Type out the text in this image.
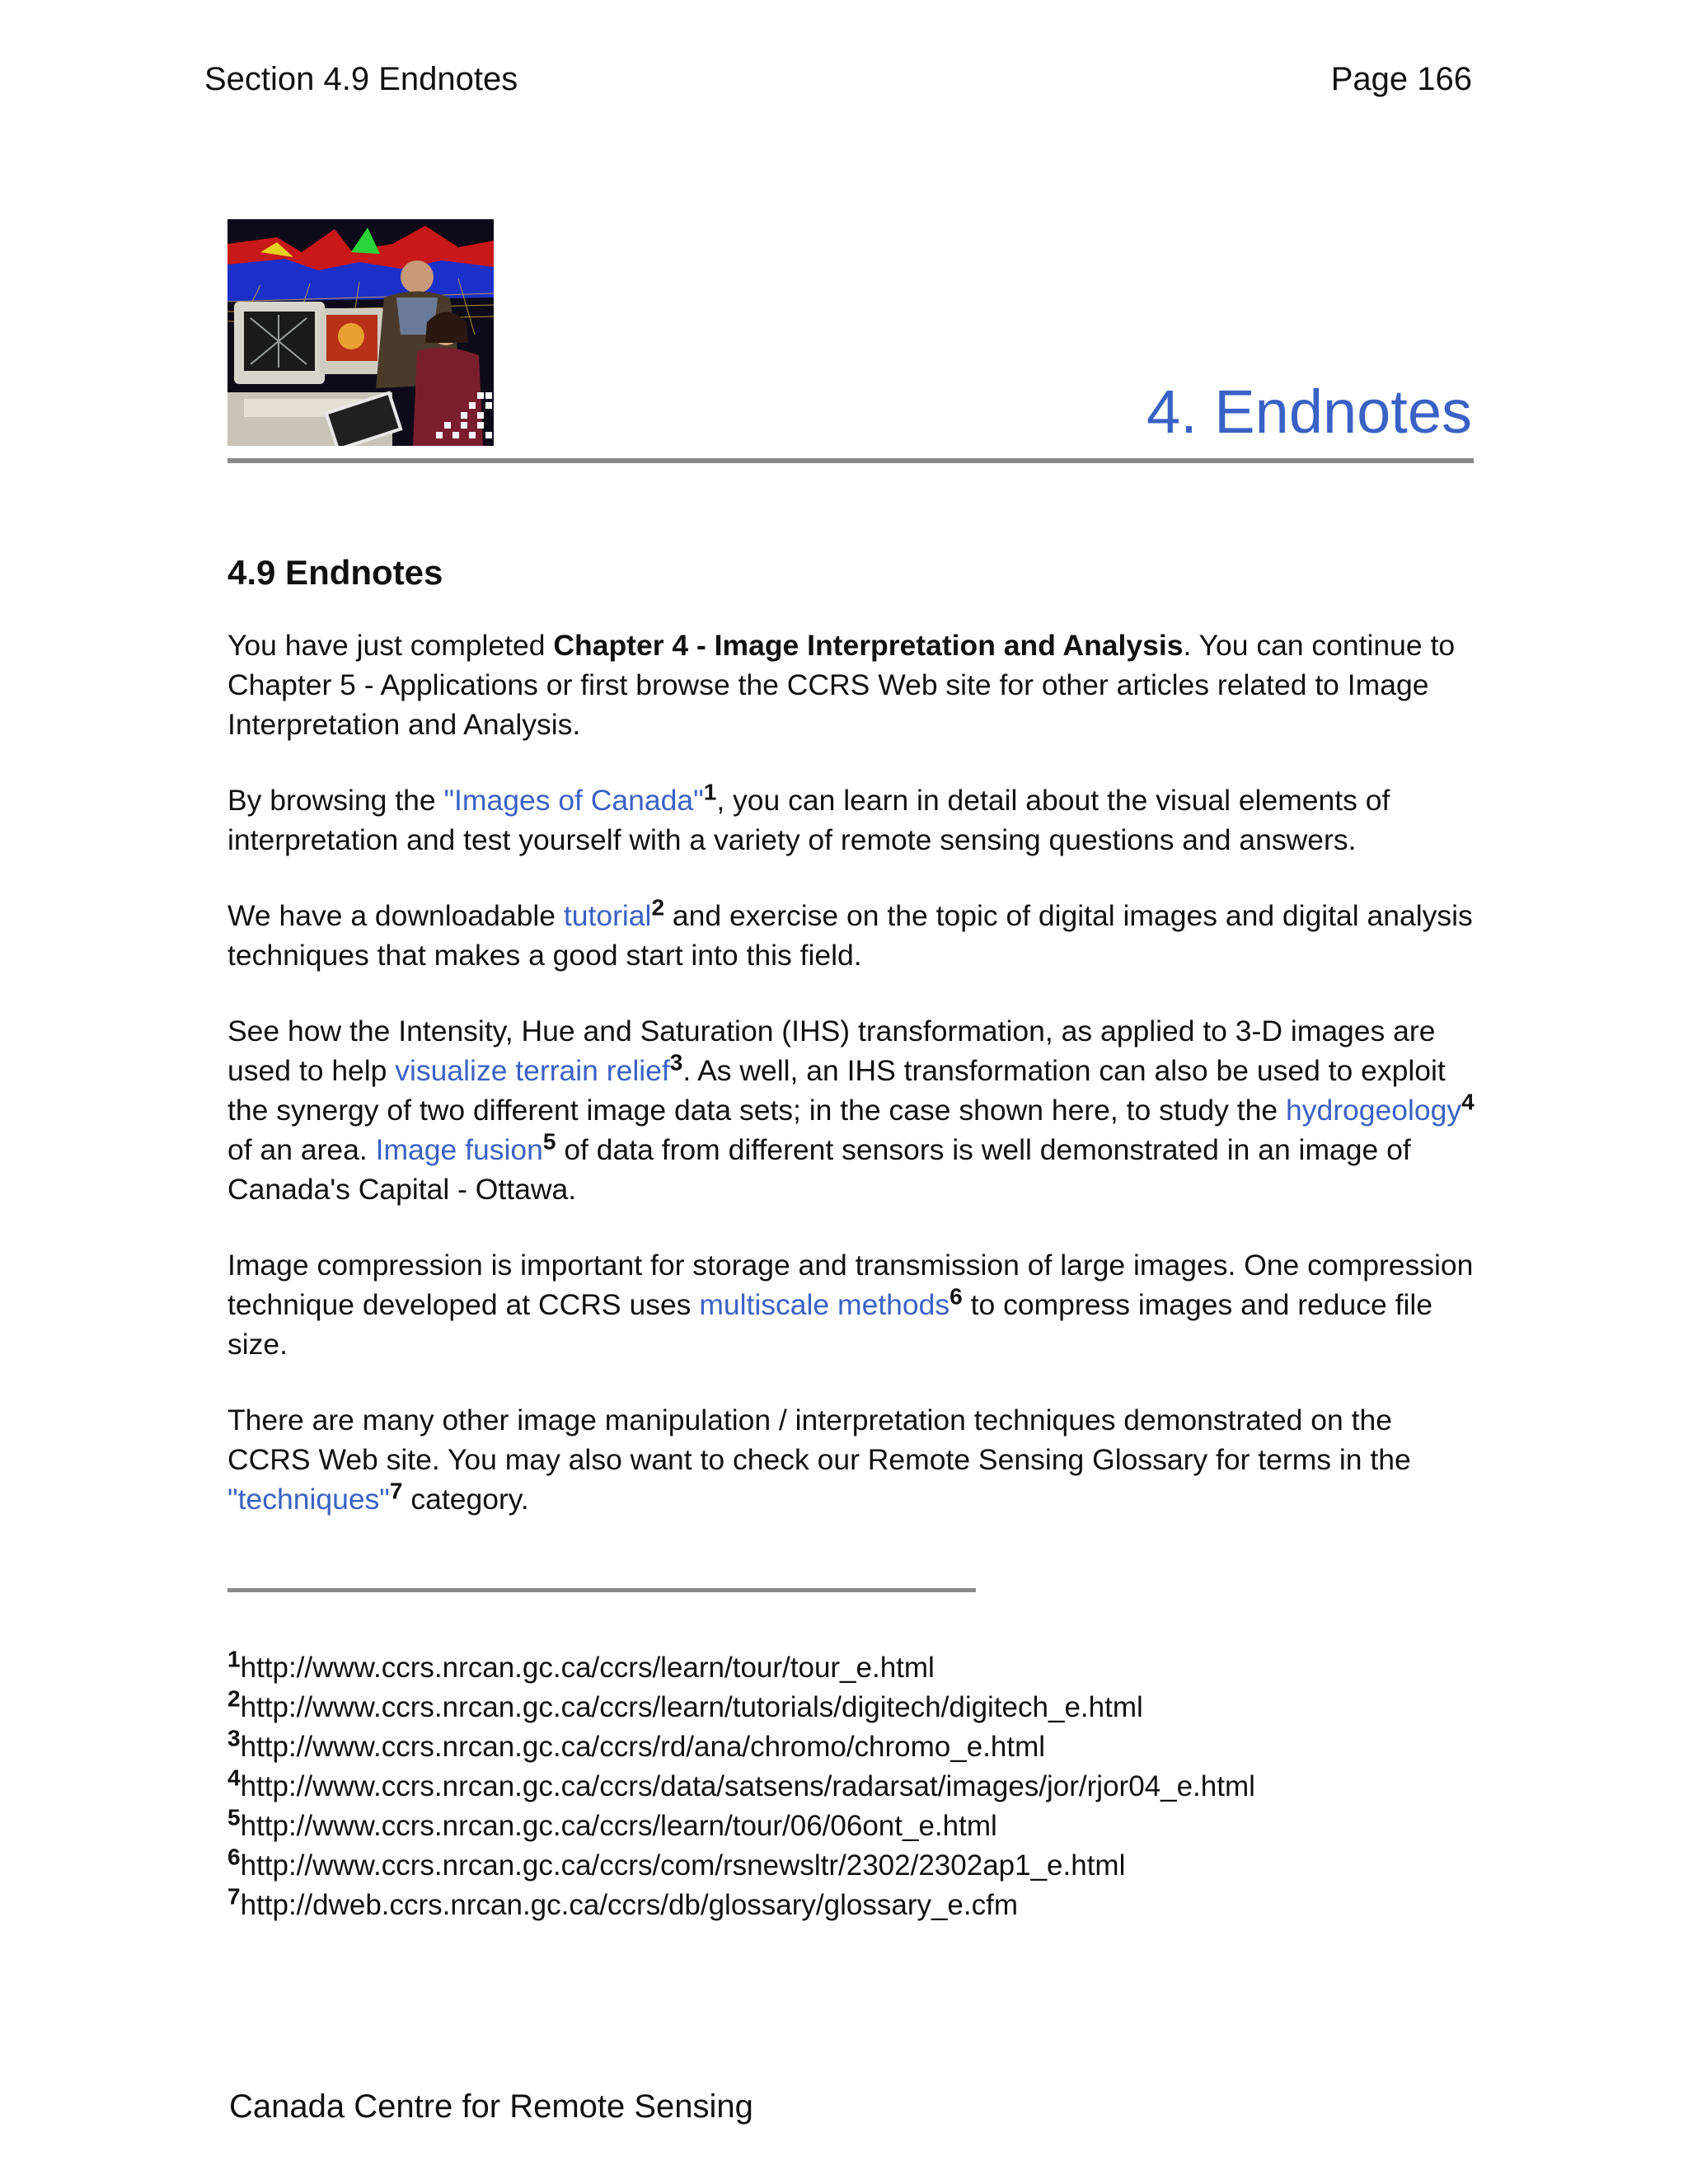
Section 4.9 Endnotes	Page 166
4. Endnotes
4.9 Endnotes

You have just completed Chapter 4 - Image Interpretation and Analysis. You can continue to Chapter 5 - Applications or first browse the CCRS Web site for other articles related to Image Interpretation and Analysis.

By browsing the "Images of Canada"$^1$, you can learn in detail about the visual elements of interpretation and test yourself with a variety of remote sensing questions and answers.

We have a downloadable tutorial$^2$ and exercise on the topic of digital images and digital analysis techniques that makes a good start into this field.

See how the Intensity, Hue and Saturation (IHS) transformation, as applied to 3-D images are used to help visualize terrain relief$^3$. As well, an IHS transformation can also be used to exploit the synergy of two different image data sets; in the case shown here, to study the hydrogeology$^4$ of an area. Image fusion$^5$ of data from different sensors is well demonstrated in an image of Canada's Capital - Ottawa.

Image compression is important for storage and transmission of large images. One compression technique developed at CCRS uses multiscale methods$^6$ to compress images and reduce file size.

There are many other image manipulation / interpretation techniques demonstrated on the CCRS Web site. You may also want to check our Remote Sensing Glossary for terms in the "techniques"$^7$ category.

$^1$http://www.ccrs.nrcan.gc.ca/ccrs/learn/tour/tour_e.html
$^2$http://www.ccrs.nrcan.gc.ca/ccrs/learn/tutorials/digitech/digitech_e.html
$^3$http://www.ccrs.nrcan.gc.ca/ccrs/rd/ana/chromo/chromo_e.html
$^4$http://www.ccrs.nrcan.gc.ca/ccrs/data/satsens/radarsat/images/jor/rjor04_e.html
$^5$http://www.ccrs.nrcan.gc.ca/ccrs/learn/tour/06/06ont_e.html
$^6$http://www.ccrs.nrcan.gc.ca/ccrs/com/rsnewsltr/2302/2302ap1_e.html
$^7$http://dweb.ccrs.nrcan.gc.ca/ccrs/db/glossary/glossary_e.cfm
Canada Centre for Remote Sensing
